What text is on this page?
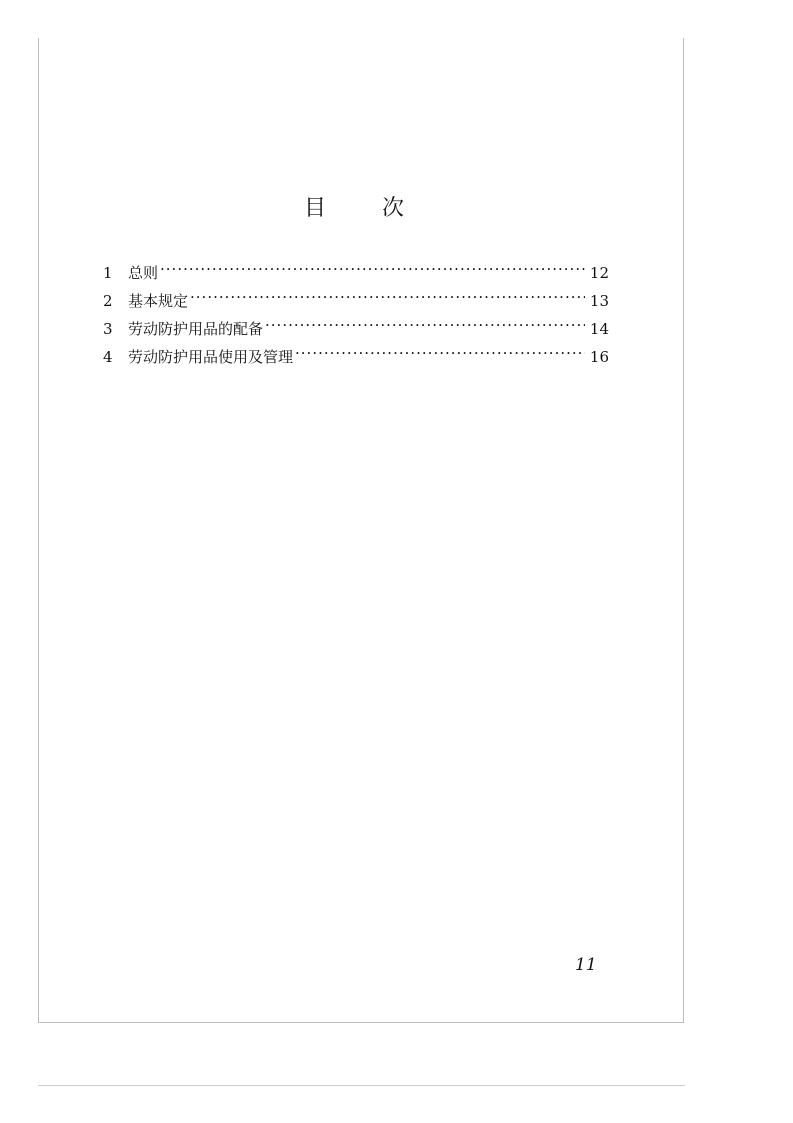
目	次
1	总则 ·····	12
2	基本规定 ·····	13
3	劳动防护用品的配备 ·····	14
4	劳动防护用品使用及管理 ·····	16
11
